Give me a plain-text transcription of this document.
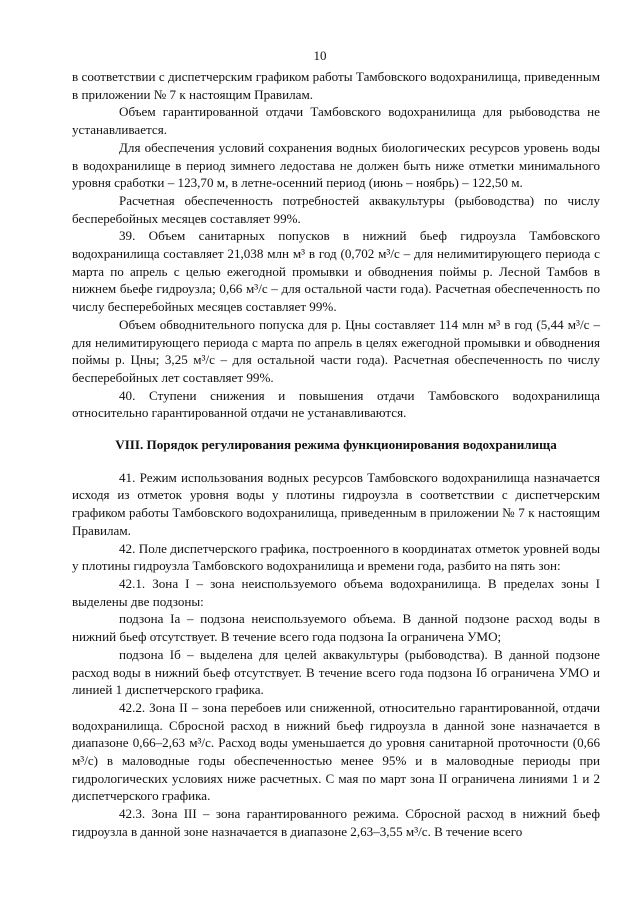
10

в соответствии с диспетчерским графиком работы Тамбовского водохранилища, приведенным в приложении № 7 к настоящим Правилам.

Объем гарантированной отдачи Тамбовского водохранилища для рыбоводства не устанавливается.

Для обеспечения условий сохранения водных биологических ресурсов уровень воды в водохранилище в период зимнего ледостава не должен быть ниже отметки минимального уровня сработки – 123,70 м, в летне-осенний период (июнь – ноябрь) – 122,50 м.

Расчетная обеспеченность потребностей аквакультуры (рыбоводства) по числу бесперебойных месяцев составляет 99%.

39. Объем санитарных попусков в нижний бьеф гидроузла Тамбовского водохранилища составляет 21,038 млн м³ в год (0,702 м³/с – для нелимитирующего периода с марта по апрель с целью ежегодной промывки и обводнения поймы р. Лесной Тамбов в нижнем бьефе гидроузла; 0,66 м³/с – для остальной части года). Расчетная обеспеченность по числу бесперебойных месяцев составляет 99%.

Объем обводнительного попуска для р. Цны составляет 114 млн м³ в год (5,44 м³/с – для нелимитирующего периода с марта по апрель в целях ежегодной промывки и обводнения поймы р. Цны; 3,25 м³/с – для остальной части года). Расчетная обеспеченность по числу бесперебойных лет составляет 99%.

40. Ступени снижения и повышения отдачи Тамбовского водохранилища относительно гарантированной отдачи не устанавливаются.

VIII. Порядок регулирования режима функционирования водохранилища

41. Режим использования водных ресурсов Тамбовского водохранилища назначается исходя из отметок уровня воды у плотины гидроузла в соответствии с диспетчерским графиком работы Тамбовского водохранилища, приведенным в приложении № 7 к настоящим Правилам.

42. Поле диспетчерского графика, построенного в координатах отметок уровней воды у плотины гидроузла Тамбовского водохранилища и времени года, разбито на пять зон:

42.1. Зона I – зона неиспользуемого объема водохранилища. В пределах зоны I выделены две подзоны:

подзона Iа – подзона неиспользуемого объема. В данной подзоне расход воды в нижний бьеф отсутствует. В течение всего года подзона Iа ограничена УМО;

подзона Iб – выделена для целей аквакультуры (рыбоводства). В данной подзоне расход воды в нижний бьеф отсутствует. В течение всего года подзона Iб ограничена УМО и линией 1 диспетчерского графика.

42.2. Зона II – зона перебоев или сниженной, относительно гарантированной, отдачи водохранилища. Сбросной расход в нижний бьеф гидроузла в данной зоне назначается в диапазоне 0,66–2,63 м³/с. Расход воды уменьшается до уровня санитарной проточности (0,66 м³/с) в маловодные годы обеспеченностью менее 95% и в маловодные периоды при гидрологических условиях ниже расчетных. С мая по март зона II ограничена линиями 1 и 2 диспетчерского графика.

42.3. Зона III – зона гарантированного режима. Сбросной расход в нижний бьеф гидроузла в данной зоне назначается в диапазоне 2,63–3,55 м³/с. В течение всего
